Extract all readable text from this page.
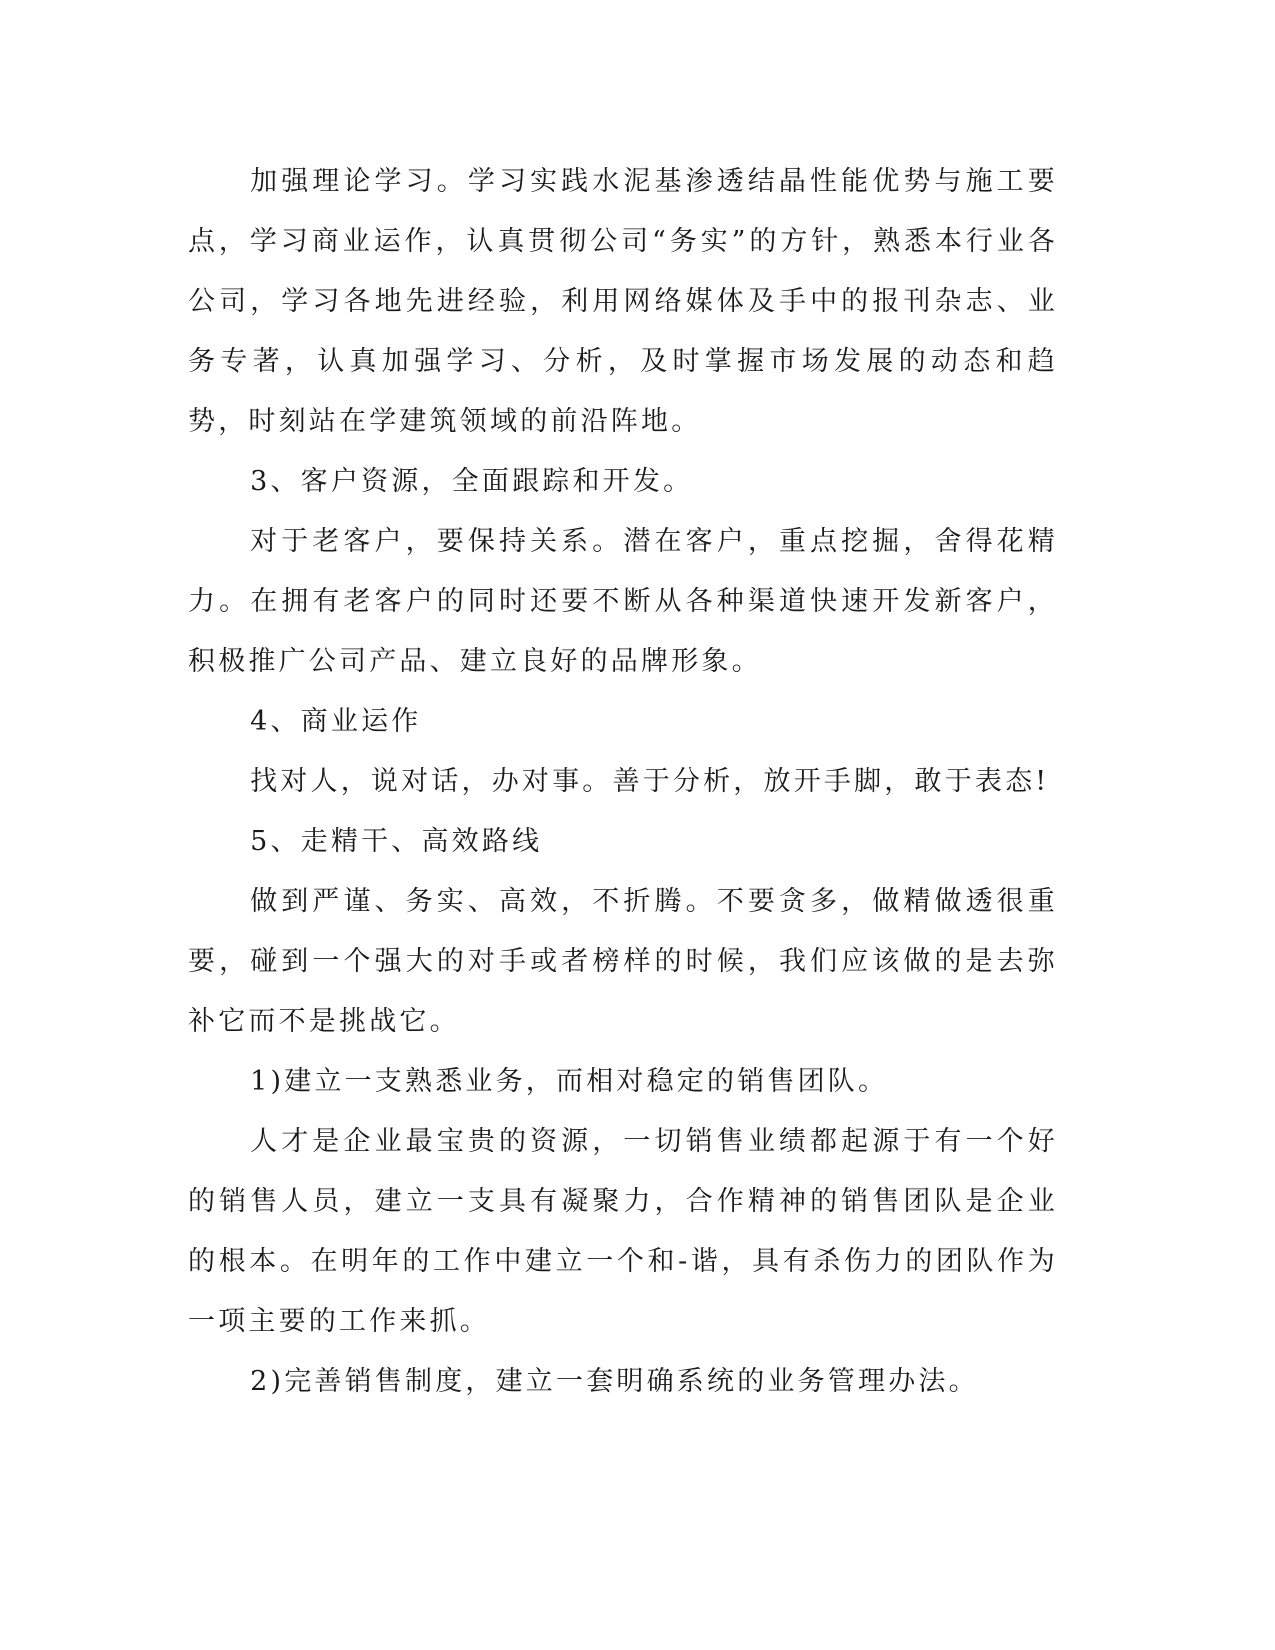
加强理论学习。学习实践水泥基渗透结晶性能优势与施工要点，学习商业运作，认真贯彻公司“务实”的方针，熟悉本行业各公司，学习各地先进经验，利用网络媒体及手中的报刊杂志、业务专著，认真加强学习、分析，及时掌握市场发展的动态和趋势，时刻站在学建筑领域的前沿阵地。

3、客户资源，全面跟踪和开发。

对于老客户，要保持关系。潜在客户，重点挖掘，舍得花精力。在拥有老客户的同时还要不断从各种渠道快速开发新客户，积极推广公司产品、建立良好的品牌形象。

4、商业运作

找对人，说对话，办对事。善于分析，放开手脚，敢于表态!

5、走精干、高效路线

做到严谨、务实、高效，不折腾。不要贪多，做精做透很重要，碰到一个强大的对手或者榜样的时候，我们应该做的是去弥补它而不是挑战它。

1)建立一支熟悉业务，而相对稳定的销售团队。

人才是企业最宝贵的资源，一切销售业绩都起源于有一个好的销售人员，建立一支具有凝聚力，合作精神的销售团队是企业的根本。在明年的工作中建立一个和-谐，具有杀伤力的团队作为一项主要的工作来抓。

2)完善销售制度，建立一套明确系统的业务管理办法。
